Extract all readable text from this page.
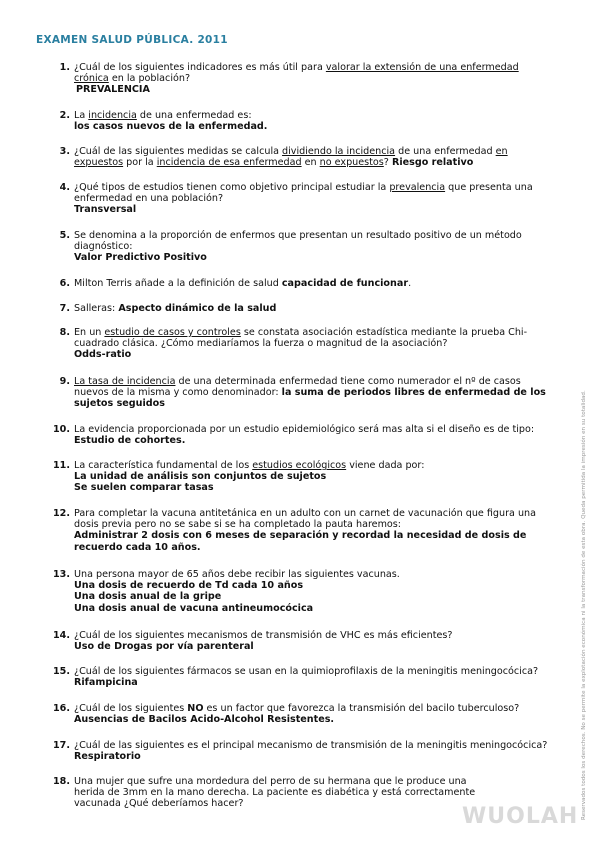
EXAMEN SALUD PÚBLICA. 2011
1. ¿Cuál de los siguientes indicadores es más útil para valorar la extensión de una enfermedad crónica en la población?
PREVALENCIA
2. La incidencia de una enfermedad es:
los casos nuevos de la enfermedad.
3. ¿Cuál de las siguientes medidas se calcula dividiendo la incidencia de una enfermedad en expuestos por la incidencia de esa enfermedad en no expuestos? Riesgo relativo
4. ¿Qué tipos de estudios tienen como objetivo principal estudiar la prevalencia que presenta una enfermedad en una población?
Transversal
5. Se denomina a la proporción de enfermos que presentan un resultado positivo de un método diagnóstico:
Valor Predictivo Positivo
6. Milton Terris añade a la definición de salud capacidad de funcionar.
7. Salleras: Aspecto dinámico de la salud
8. En un estudio de casos y controles se constata asociación estadística mediante la prueba Chi-cuadrado clásica. ¿Cómo mediaríamos la fuerza o magnitud de la asociación?
Odds-ratio
9. La tasa de incidencia de una determinada enfermedad tiene como numerador el nº de casos nuevos de la misma y como denominador: la suma de periodos libres de enfermedad de los sujetos seguidos
10. La evidencia proporcionada por un estudio epidemiológico será mas alta si el diseño es de tipo:
Estudio de cohortes.
11. La característica fundamental de los estudios ecológicos viene dada por:
La unidad de análisis son conjuntos de sujetos
Se suelen comparar tasas
12. Para completar la vacuna antitetánica en un adulto con un carnet de vacunación que figura una dosis previa pero no se sabe si se ha completado la pauta haremos:
Administrar 2 dosis con 6 meses de separación y recordad la necesidad de dosis de recuerdo cada 10 años.
13. Una persona mayor de 65 años debe recibir las siguientes vacunas.
Una dosis de recuerdo de Td cada 10 años
Una dosis anual de la gripe
Una dosis anual de vacuna antineumocócica
14. ¿Cuál de los siguientes mecanismos de transmisión de VHC es más eficientes?
Uso de Drogas por vía parenteral
15. ¿Cuál de los siguientes fármacos se usan en la quimioprofilaxis de la meningitis meningocócica?
Rifampicina
16. ¿Cuál de los siguientes NO es un factor que favorezca la transmisión del bacilo tuberculoso?
Ausencias de Bacilos Acido-Alcohol Resistentes.
17. ¿Cuál de las siguientes es el principal mecanismo de transmisión de la meningitis meningocócica?
Respiratorio
18. Una mujer que sufre una mordedura del perro de su hermana que le produce una herida de 3mm en la mano derecha. La paciente es diabética y está correctamente vacunada ¿Qué deberíamos hacer?	Reservados todos los derechos. No se permite la explotación económica ni la transformación de esta obra. Queda permitida la impresión en su totalidad.
WUOLAH
